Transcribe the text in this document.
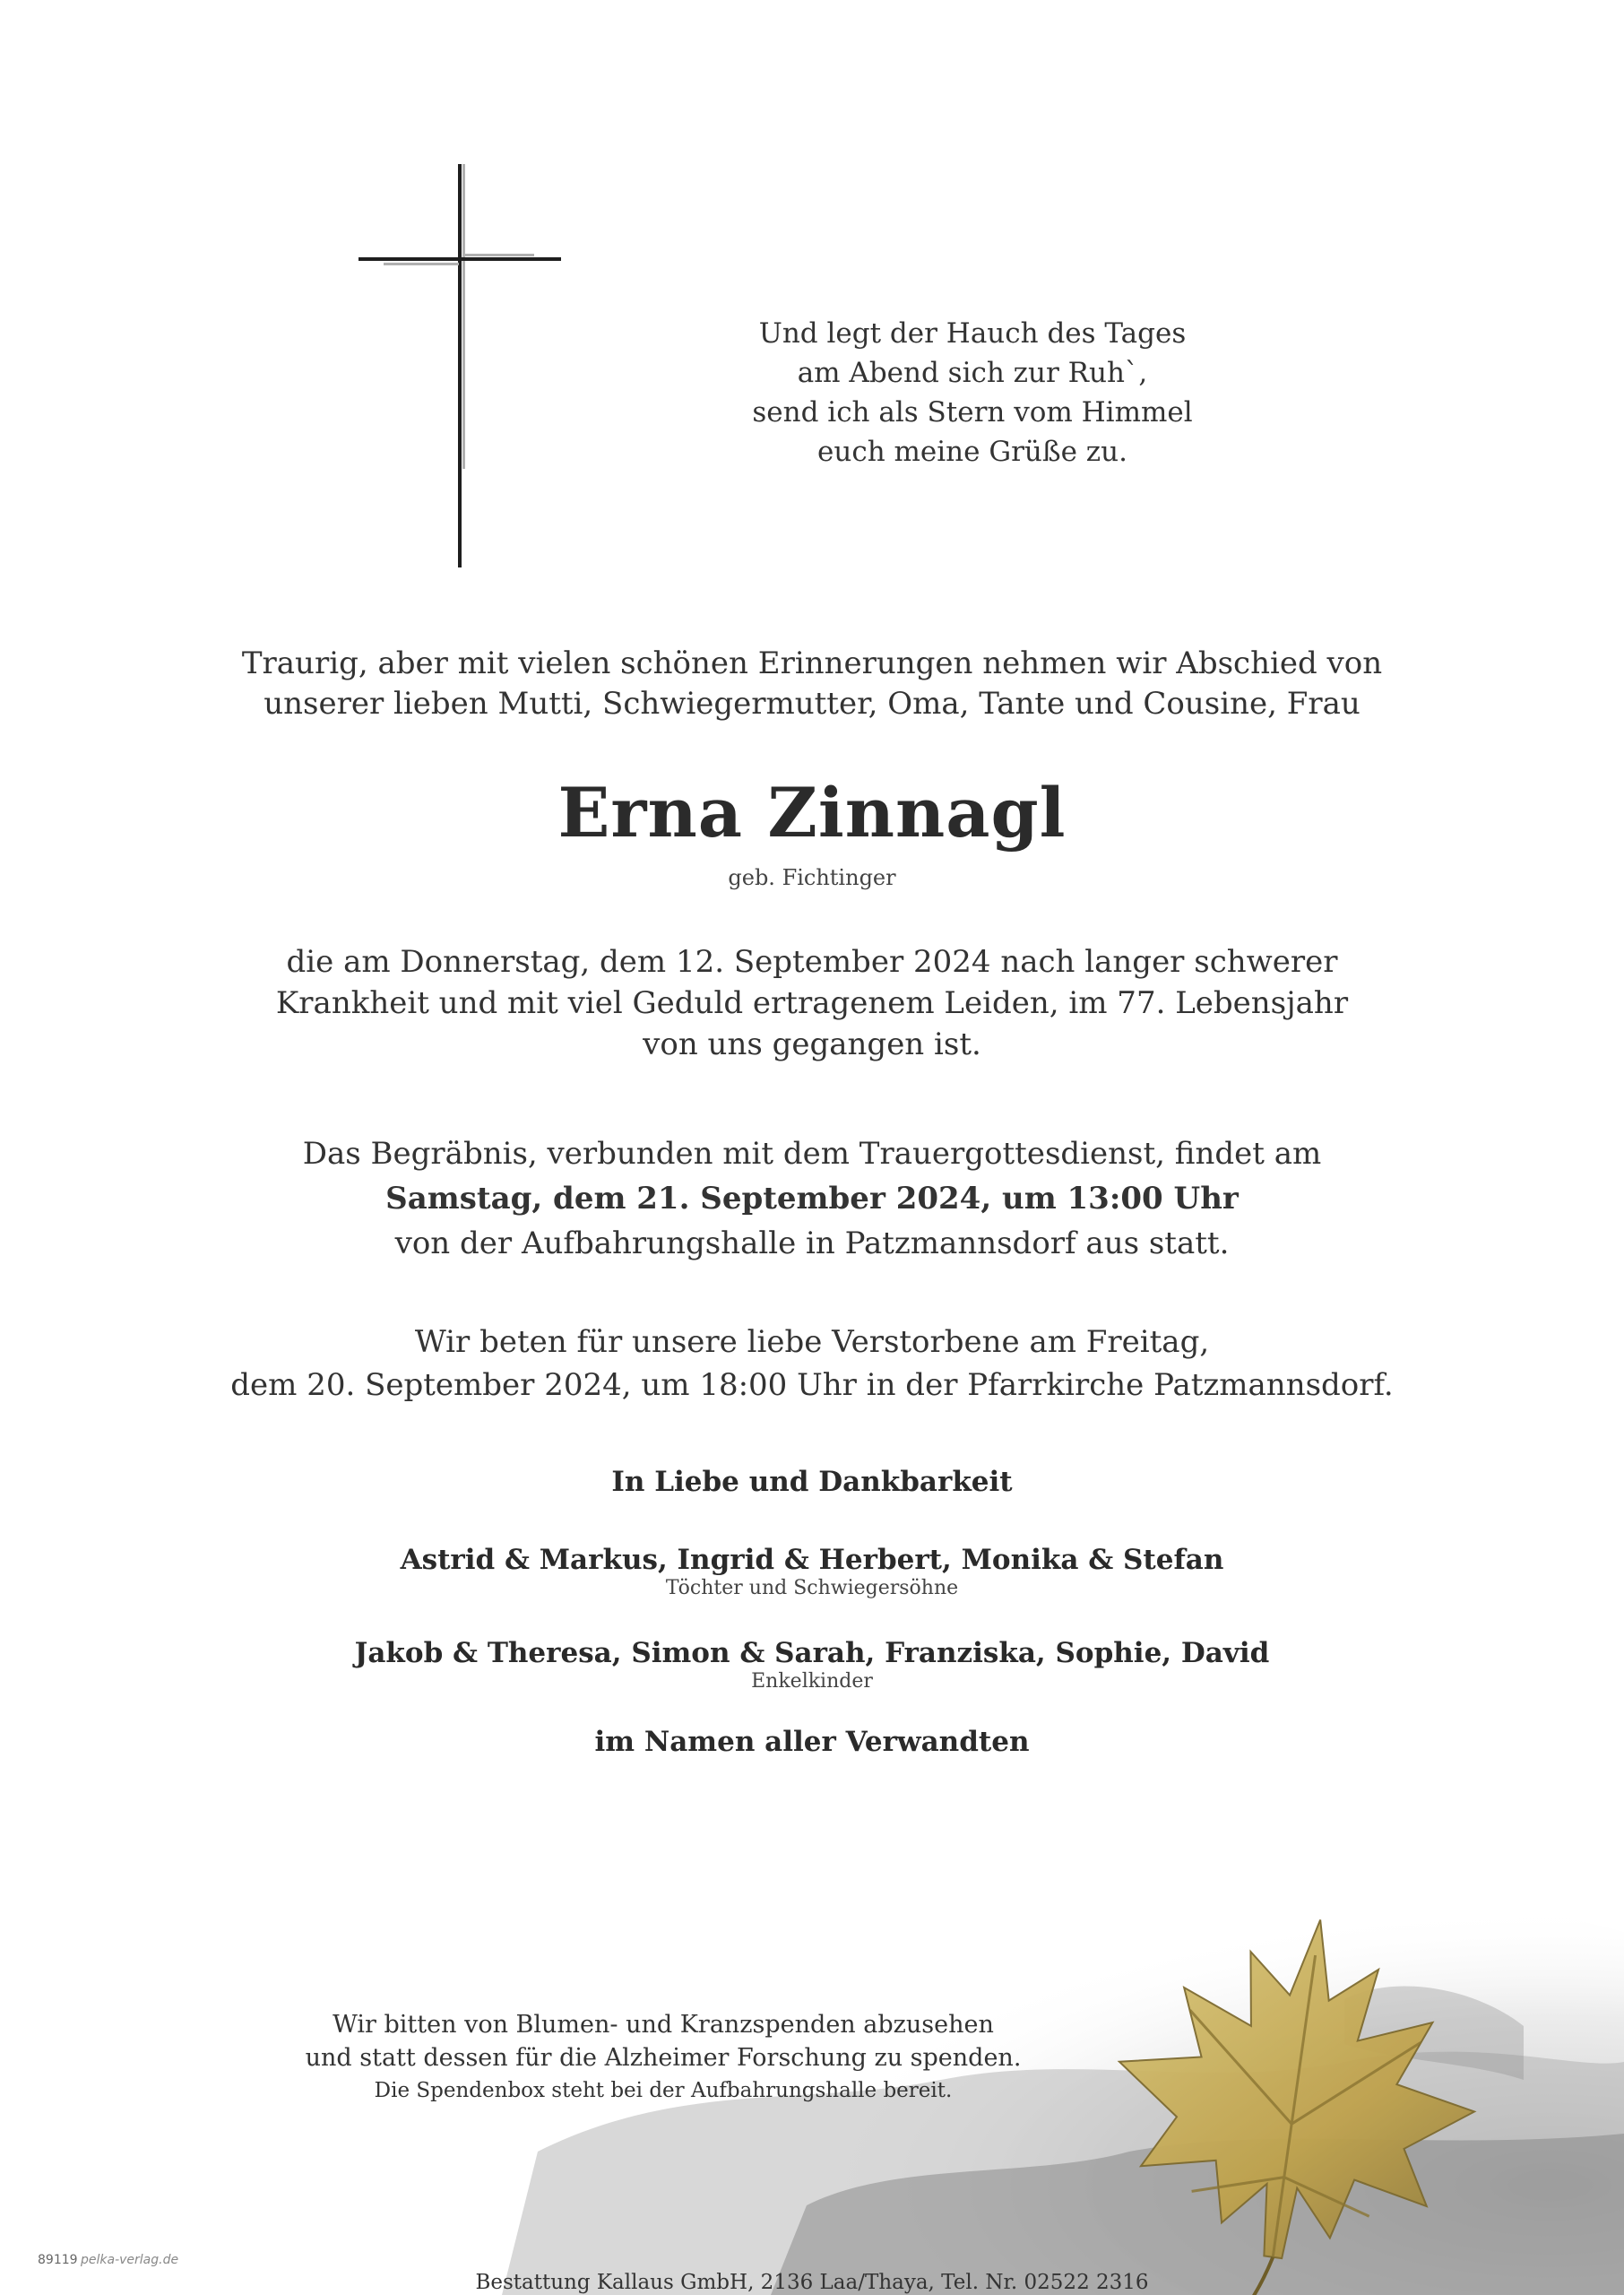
Und legt der Hauch des Tages
am Abend sich zur Ruh`,
send ich als Stern vom Himmel
euch meine Grüße zu.
Traurig, aber mit vielen schönen Erinnerungen nehmen wir Abschied von
unserer lieben Mutti, Schwiegermutter, Oma, Tante und Cousine, Frau
Erna Zinnagl
geb. Fichtinger
die am Donnerstag, dem 12. September 2024 nach langer schwerer
Krankheit und mit viel Geduld ertragenem Leiden, im 77. Lebensjahr
von uns gegangen ist.
Das Begräbnis, verbunden mit dem Trauergottesdienst, findet am
Samstag, dem 21. September 2024, um 13:00 Uhr
von der Aufbahrungshalle in Patzmannsdorf aus statt.
Wir beten für unsere liebe Verstorbene am Freitag,
dem 20. September 2024, um 18:00 Uhr in der Pfarrkirche Patzmannsdorf.
In Liebe und Dankbarkeit
Astrid & Markus, Ingrid & Herbert, Monika & Stefan
Töchter und Schwiegersöhne
Jakob & Theresa, Simon & Sarah, Franziska, Sophie, David
Enkelkinder
im Namen aller Verwandten
Wir bitten von Blumen- und Kranzspenden abzusehen
und statt dessen für die Alzheimer Forschung zu spenden.
Die Spendenbox steht bei der Aufbahrungshalle bereit.
Bestattung Kallaus GmbH, 2136 Laa/Thaya, Tel. Nr. 02522 2316
89119 pelka-verlag.de
